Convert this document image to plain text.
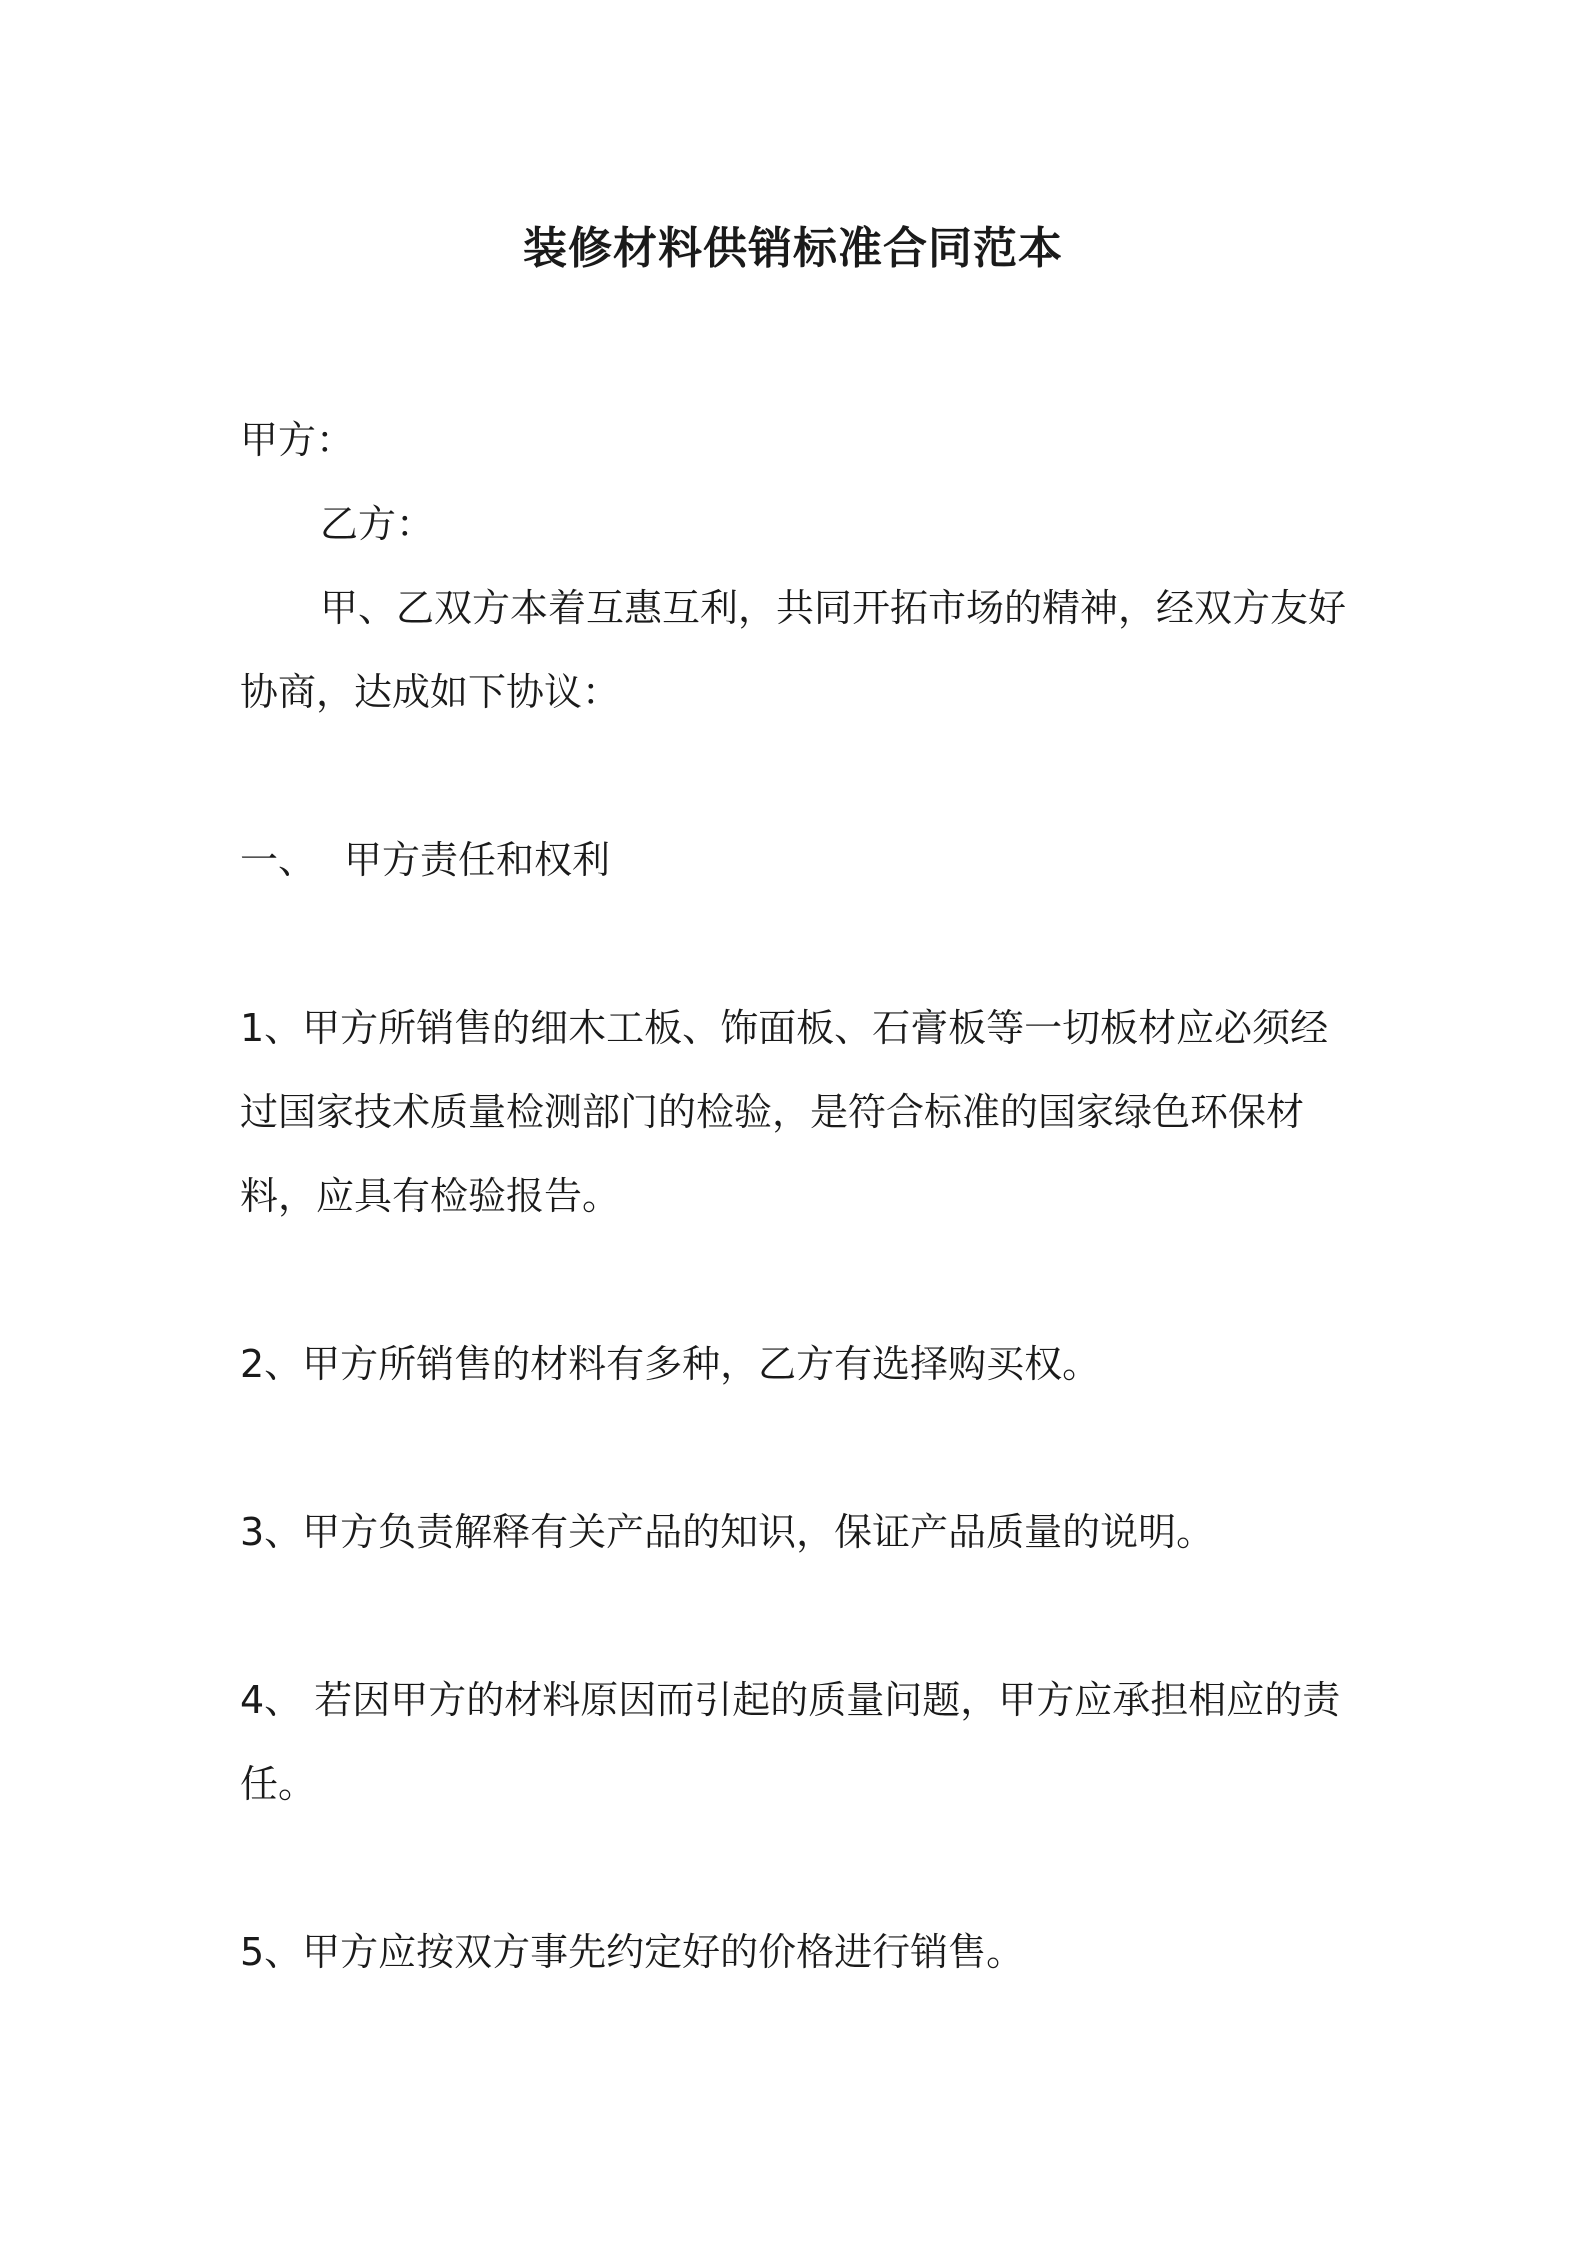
装修材料供销标准合同范本

甲方：

乙方：

甲、乙双方本着互惠互利，共同开拓市场的精神，经双方友好协商，达成如下协议：

一、 甲方责任和权利

1、甲方所销售的细木工板、饰面板、石膏板等一切板材应必须经过国家技术质量检测部门的检验，是符合标准的国家绿色环保材料，应具有检验报告。

2、甲方所销售的材料有多种，乙方有选择购买权。

3、甲方负责解释有关产品的知识，保证产品质量的说明。

4、 若因甲方的材料原因而引起的质量问题，甲方应承担相应的责任。

5、甲方应按双方事先约定好的价格进行销售。
